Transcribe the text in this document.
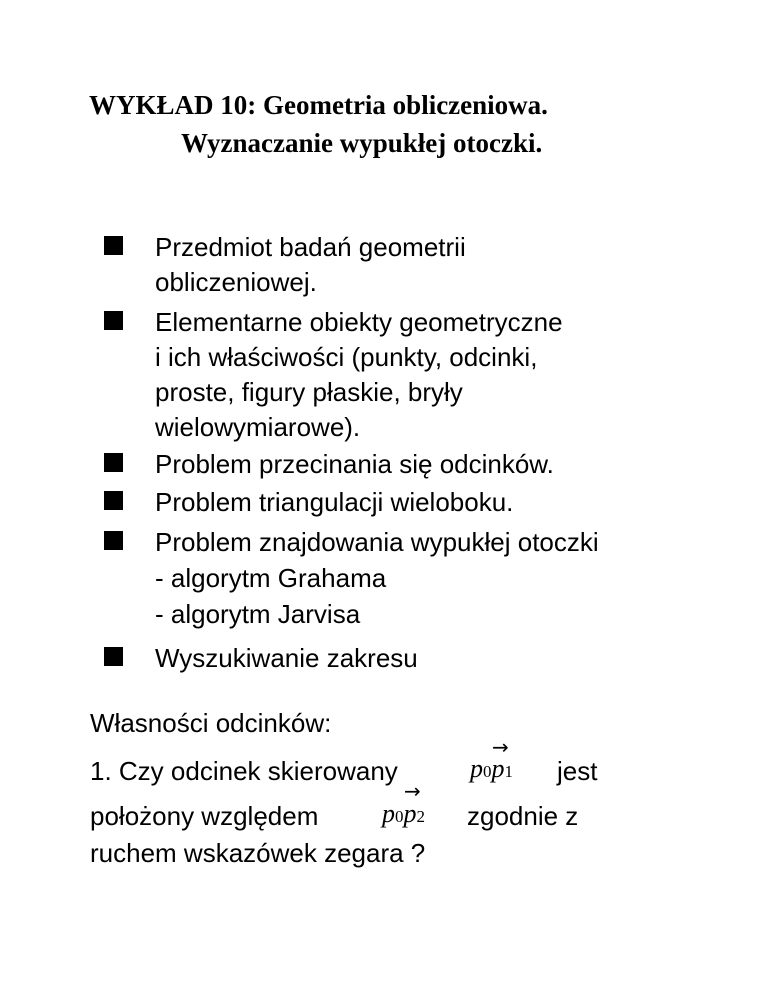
WYKŁAD 10: Geometria obliczeniowa.
Wyznaczanie wypukłej otoczki.
Przedmiot badań geometrii
obliczeniowej.
Elementarne obiekty geometryczne
i ich właściwości (punkty, odcinki,
proste, figury płaskie, bryły
wielowymiarowe).
Problem przecinania się odcinków.
Problem triangulacji wieloboku.
Problem znajdowania wypukłej otoczki
- algorytm Grahama
- algorytm Jarvisa
Wyszukiwanie zakresu
Własności odcinków:
1. Czy odcinek skierowany
→
p0p1 jest
położony względem
→
p0p2 zgodnie z
ruchem wskazówek zegara ?
